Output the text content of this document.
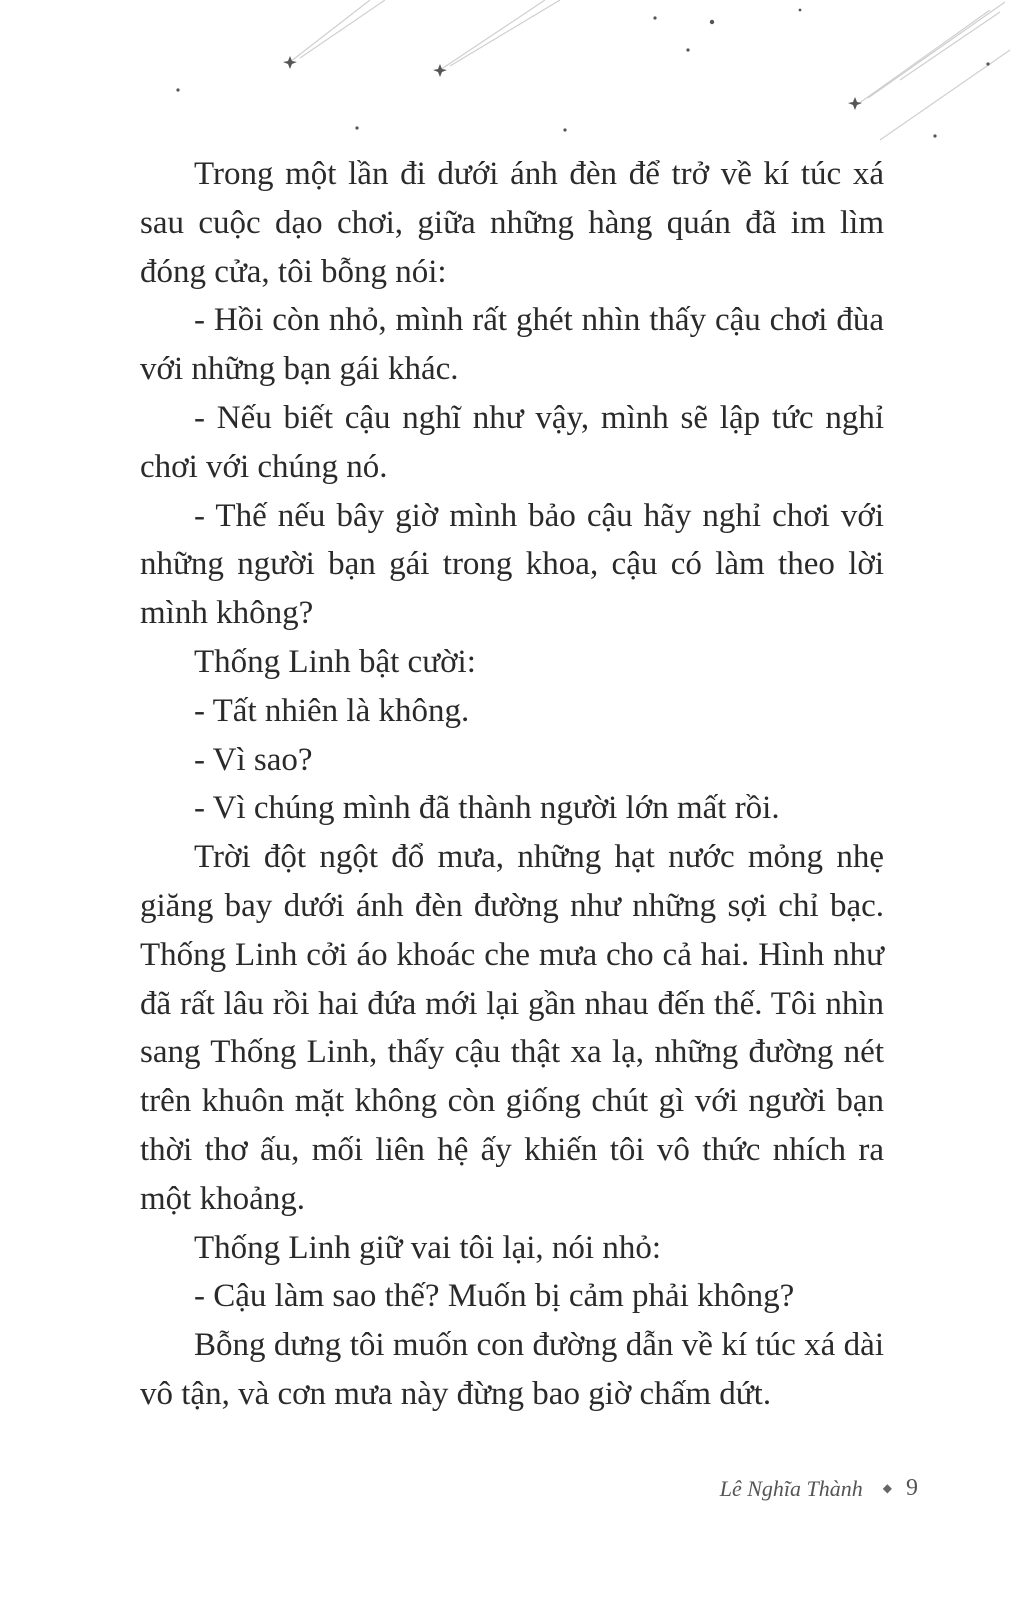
Trong một lần đi dưới ánh đèn để trở về kí túc xá sau cuộc dạo chơi, giữa những hàng quán đã im lìm đóng cửa, tôi bỗng nói:

- Hồi còn nhỏ, mình rất ghét nhìn thấy cậu chơi đùa với những bạn gái khác.

- Nếu biết cậu nghĩ như vậy, mình sẽ lập tức nghỉ chơi với chúng nó.

- Thế nếu bây giờ mình bảo cậu hãy nghỉ chơi với những người bạn gái trong khoa, cậu có làm theo lời mình không?

Thống Linh bật cười:

- Tất nhiên là không.

- Vì sao?

- Vì chúng mình đã thành người lớn mất rồi.

Trời đột ngột đổ mưa, những hạt nước mỏng nhẹ giăng bay dưới ánh đèn đường như những sợi chỉ bạc. Thống Linh cởi áo khoác che mưa cho cả hai. Hình như đã rất lâu rồi hai đứa mới lại gần nhau đến thế. Tôi nhìn sang Thống Linh, thấy cậu thật xa lạ, những đường nét trên khuôn mặt không còn giống chút gì với người bạn thời thơ ấu, mối liên hệ ấy khiến tôi vô thức nhích ra một khoảng.

Thống Linh giữ vai tôi lại, nói nhỏ:

- Cậu làm sao thế? Muốn bị cảm phải không?

Bỗng dưng tôi muốn con đường dẫn về kí túc xá dài vô tận, và cơn mưa này đừng bao giờ chấm dứt.

Lê Nghĩa Thành ◆ 9
